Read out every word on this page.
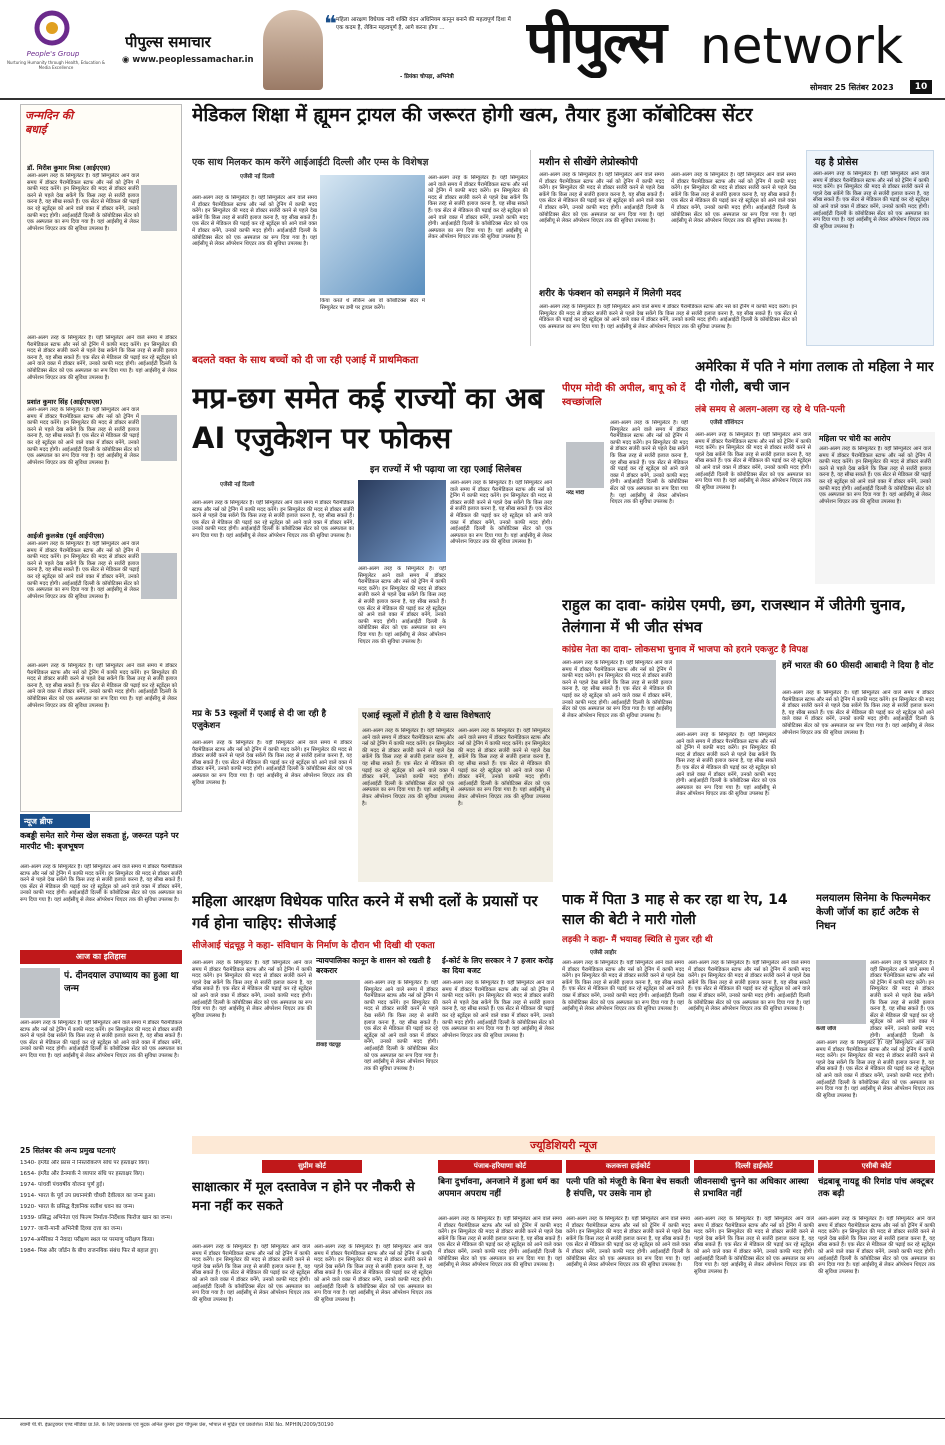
People's Group
Nurturing Humanity through Health, Education & Media Excellence
पीपुल्स समाचार
◉ www.peoplessamachar.in
❝ महिला आरक्षण विधेयक नारी शक्ति वंदन अधिनियम कानून बनाने की महत्वपूर्ण दिशा में एक कदम है, लेकिन महत्वपूर्ण है, आगे करना होगा ...
- प्रियंका चोपड़ा, अभिनेत्री
पीपुल्स network
सोमवार 25 सितंबर 2023	10
जन्मदिन की बधाई
डॉ. मिरीश कुमार मिश्रा (आईएएस)
अला-अलग तरह के सिम्युलेटर हैं। यहीं सिम्युलेटर आने वाले समय में डॉक्टर पैरामेडिकल स्टाफ और नर्स को ट्रेनिंग में काफी मदद करेंगे। इन सिम्युलेटर की मदद से डॉक्टर सर्जरी करने से पहले देख सकेंगे कि किस तरह से सर्जरी इलाज करना है, यह सीख सकते हैं। एक सेंटर से मेडिकल की पढ़ाई कर रहे स्टूडेंट्स को आने वाले वक्त में डॉक्टर बनेंगे, उनको काफी मदद होगी। आईआईटी दिल्ली के कॉबोटिक्स सेंटर को एक अस्पताल का रूप दिया गया है। यहां आईसीयू से लेकर ऑपरेशन थिएटर तक की सुविधा उपलब्ध है।
अला-अलग तरह के सिम्युलेटर हैं। यहीं सिम्युलेटर आने वाले समय में डॉक्टर पैरामेडिकल स्टाफ और नर्स को ट्रेनिंग में काफी मदद करेंगे। इन सिम्युलेटर की मदद से डॉक्टर सर्जरी करने से पहले देख सकेंगे कि किस तरह से सर्जरी इलाज करना है, यह सीख सकते हैं। एक सेंटर से मेडिकल की पढ़ाई कर रहे स्टूडेंट्स को आने वाले वक्त में डॉक्टर बनेंगे, उनको काफी मदद होगी। आईआईटी दिल्ली के कॉबोटिक्स सेंटर को एक अस्पताल का रूप दिया गया है। यहां आईसीयू से लेकर ऑपरेशन थिएटर तक की सुविधा उपलब्ध है।
प्रशांत कुमार सिंह (आईएफएस)
अला-अलग तरह के सिम्युलेटर हैं। यहीं सिम्युलेटर आने वाले समय में डॉक्टर पैरामेडिकल स्टाफ और नर्स को ट्रेनिंग में काफी मदद करेंगे। इन सिम्युलेटर की मदद से डॉक्टर सर्जरी करने से पहले देख सकेंगे कि किस तरह से सर्जरी इलाज करना है, यह सीख सकते हैं। एक सेंटर से मेडिकल की पढ़ाई कर रहे स्टूडेंट्स को आने वाले वक्त में डॉक्टर बनेंगे, उनको काफी मदद होगी। आईआईटी दिल्ली के कॉबोटिक्स सेंटर को एक अस्पताल का रूप दिया गया है। यहां आईसीयू से लेकर ऑपरेशन थिएटर तक की सुविधा उपलब्ध है।
आईजी कुलश्रेष्ठ (पूर्व आईपीएस)
अला-अलग तरह के सिम्युलेटर हैं। यहीं सिम्युलेटर आने वाले समय में डॉक्टर पैरामेडिकल स्टाफ और नर्स को ट्रेनिंग में काफी मदद करेंगे। इन सिम्युलेटर की मदद से डॉक्टर सर्जरी करने से पहले देख सकेंगे कि किस तरह से सर्जरी इलाज करना है, यह सीख सकते हैं। एक सेंटर से मेडिकल की पढ़ाई कर रहे स्टूडेंट्स को आने वाले वक्त में डॉक्टर बनेंगे, उनको काफी मदद होगी। आईआईटी दिल्ली के कॉबोटिक्स सेंटर को एक अस्पताल का रूप दिया गया है। यहां आईसीयू से लेकर ऑपरेशन थिएटर तक की सुविधा उपलब्ध है।
अला-अलग तरह के सिम्युलेटर हैं। यहीं सिम्युलेटर आने वाले समय में डॉक्टर पैरामेडिकल स्टाफ और नर्स को ट्रेनिंग में काफी मदद करेंगे। इन सिम्युलेटर की मदद से डॉक्टर सर्जरी करने से पहले देख सकेंगे कि किस तरह से सर्जरी इलाज करना है, यह सीख सकते हैं। एक सेंटर से मेडिकल की पढ़ाई कर रहे स्टूडेंट्स को आने वाले वक्त में डॉक्टर बनेंगे, उनको काफी मदद होगी। आईआईटी दिल्ली के कॉबोटिक्स सेंटर को एक अस्पताल का रूप दिया गया है। यहां आईसीयू से लेकर ऑपरेशन थिएटर तक की सुविधा उपलब्ध है।
न्यूज ब्रीफ
कबड्डी समेत सारे गेम्स खेल सकता हूं, जरूरत पड़ने पर मारपीट भी: बृजभूषण
अला-अलग तरह के सिम्युलेटर हैं। यहीं सिम्युलेटर आने वाले समय में डॉक्टर पैरामेडिकल स्टाफ और नर्स को ट्रेनिंग में काफी मदद करेंगे। इन सिम्युलेटर की मदद से डॉक्टर सर्जरी करने से पहले देख सकेंगे कि किस तरह से सर्जरी इलाज करना है, यह सीख सकते हैं। एक सेंटर से मेडिकल की पढ़ाई कर रहे स्टूडेंट्स को आने वाले वक्त में डॉक्टर बनेंगे, उनको काफी मदद होगी। आईआईटी दिल्ली के कॉबोटिक्स सेंटर को एक अस्पताल का रूप दिया गया है। यहां आईसीयू से लेकर ऑपरेशन थिएटर तक की सुविधा उपलब्ध है।
आज का इतिहास
पं. दीनदयाल उपाध्याय का हुआ था जन्म
अला-अलग तरह के सिम्युलेटर हैं। यहीं सिम्युलेटर आने वाले समय में डॉक्टर पैरामेडिकल स्टाफ और नर्स को ट्रेनिंग में काफी मदद करेंगे। इन सिम्युलेटर की मदद से डॉक्टर सर्जरी करने से पहले देख सकेंगे कि किस तरह से सर्जरी इलाज करना है, यह सीख सकते हैं। एक सेंटर से मेडिकल की पढ़ाई कर रहे स्टूडेंट्स को आने वाले वक्त में डॉक्टर बनेंगे, उनको काफी मदद होगी। आईआईटी दिल्ली के कॉबोटिक्स सेंटर को एक अस्पताल का रूप दिया गया है। यहां आईसीयू से लेकर ऑपरेशन थिएटर तक की सुविधा उपलब्ध है।
25 सितंबर की अन्य प्रमुख घटनाएं
1340- इंग्लैंड और फ्रांस ने निस्तरीकरण संधि पर हस्ताक्षर किए।
1654- इंग्लैंड और डेनमार्क ने व्यापार संधि पर हस्ताक्षर किए।
1974- पांचवीं पंचवर्षीय योजना पूर्ण हुई।
1914- भारत के पूर्व उप प्रधानमंत्री चौधरी देवीलाल का जन्म हुआ।
1920- भारत के प्रसिद्ध वैज्ञानिक सतीश धवन का जन्म।
1939- प्रसिद्ध अभिनेता एवं फिल्म निर्माता-निर्देशक फिरोज खान का जन्म।
1977- जानी-मानी अभिनेत्री दिव्या दत्ता का जन्म।
1974-अमेरिका ने नेवादा परीक्षण स्थल पर परमाणु परीक्षण किया।
1984- मिस्र और जॉर्डन के बीच राजनयिक संबंध फिर से बहाल हुए।
मेडिकल शिक्षा में ह्यूमन ट्रायल की जरूरत होगी खत्म, तैयार हुआ कॉबोटिक्स सेंटर
एक साथ मिलकर काम करेंगे आईआईटी दिल्ली और एम्स के विशेषज्ञ
एजेंसी नई दिल्ली
अला-अलग तरह के सिम्युलेटर हैं। यहीं सिम्युलेटर आने वाले समय में डॉक्टर पैरामेडिकल स्टाफ और नर्स को ट्रेनिंग में काफी मदद करेंगे। इन सिम्युलेटर की मदद से डॉक्टर सर्जरी करने से पहले देख सकेंगे कि किस तरह से सर्जरी इलाज करना है, यह सीख सकते हैं। एक सेंटर से मेडिकल की पढ़ाई कर रहे स्टूडेंट्स को आने वाले वक्त में डॉक्टर बनेंगे, उनको काफी मदद होगी। आईआईटी दिल्ली के कॉबोटिक्स सेंटर को एक अस्पताल का रूप दिया गया है। यहां आईसीयू से लेकर ऑपरेशन थिएटर तक की सुविधा उपलब्ध है।
अला-अलग तरह के सिम्युलेटर हैं। यहीं सिम्युलेटर आने वाले समय में डॉक्टर पैरामेडिकल स्टाफ और नर्स को ट्रेनिंग में काफी मदद करेंगे। इन सिम्युलेटर की मदद से डॉक्टर सर्जरी करने से पहले देख सकेंगे कि किस तरह से सर्जरी इलाज करना है, यह सीख सकते हैं। एक सेंटर से मेडिकल की पढ़ाई कर रहे स्टूडेंट्स को आने वाले वक्त में डॉक्टर बनेंगे, उनको काफी मदद होगी। आईआईटी दिल्ली के कॉबोटिक्स सेंटर को एक अस्पताल का रूप दिया गया है। यहां आईसीयू से लेकर ऑपरेशन थिएटर तक की सुविधा उपलब्ध है।
किया करते थे लेकिन अब वो कॉबोटिक्स सेंटर में सिम्युलेटर पर डमी पर ट्रायल करेंगे।
मशीन से सीखेंगे लेप्रोस्कोपी
अला-अलग तरह के सिम्युलेटर हैं। यहीं सिम्युलेटर आने वाले समय में डॉक्टर पैरामेडिकल स्टाफ और नर्स को ट्रेनिंग में काफी मदद करेंगे। इन सिम्युलेटर की मदद से डॉक्टर सर्जरी करने से पहले देख सकेंगे कि किस तरह से सर्जरी इलाज करना है, यह सीख सकते हैं। एक सेंटर से मेडिकल की पढ़ाई कर रहे स्टूडेंट्स को आने वाले वक्त में डॉक्टर बनेंगे, उनको काफी मदद होगी। आईआईटी दिल्ली के कॉबोटिक्स सेंटर को एक अस्पताल का रूप दिया गया है। यहां आईसीयू से लेकर ऑपरेशन थिएटर तक की सुविधा उपलब्ध है।
अला-अलग तरह के सिम्युलेटर हैं। यहीं सिम्युलेटर आने वाले समय में डॉक्टर पैरामेडिकल स्टाफ और नर्स को ट्रेनिंग में काफी मदद करेंगे। इन सिम्युलेटर की मदद से डॉक्टर सर्जरी करने से पहले देख सकेंगे कि किस तरह से सर्जरी इलाज करना है, यह सीख सकते हैं। एक सेंटर से मेडिकल की पढ़ाई कर रहे स्टूडेंट्स को आने वाले वक्त में डॉक्टर बनेंगे, उनको काफी मदद होगी। आईआईटी दिल्ली के कॉबोटिक्स सेंटर को एक अस्पताल का रूप दिया गया है। यहां आईसीयू से लेकर ऑपरेशन थिएटर तक की सुविधा उपलब्ध है।
शरीर के फंक्शन को समझने में मिलेगी मदद
अला-अलग तरह के सिम्युलेटर हैं। यहीं सिम्युलेटर आने वाले समय में डॉक्टर पैरामेडिकल स्टाफ और नर्स को ट्रेनिंग में काफी मदद करेंगे। इन सिम्युलेटर की मदद से डॉक्टर सर्जरी करने से पहले देख सकेंगे कि किस तरह से सर्जरी इलाज करना है, यह सीख सकते हैं। एक सेंटर से मेडिकल की पढ़ाई कर रहे स्टूडेंट्स को आने वाले वक्त में डॉक्टर बनेंगे, उनको काफी मदद होगी। आईआईटी दिल्ली के कॉबोटिक्स सेंटर को एक अस्पताल का रूप दिया गया है। यहां आईसीयू से लेकर ऑपरेशन थिएटर तक की सुविधा उपलब्ध है।
यह है प्रोसेस
अला-अलग तरह के सिम्युलेटर हैं। यहीं सिम्युलेटर आने वाले समय में डॉक्टर पैरामेडिकल स्टाफ और नर्स को ट्रेनिंग में काफी मदद करेंगे। इन सिम्युलेटर की मदद से डॉक्टर सर्जरी करने से पहले देख सकेंगे कि किस तरह से सर्जरी इलाज करना है, यह सीख सकते हैं। एक सेंटर से मेडिकल की पढ़ाई कर रहे स्टूडेंट्स को आने वाले वक्त में डॉक्टर बनेंगे, उनको काफी मदद होगी। आईआईटी दिल्ली के कॉबोटिक्स सेंटर को एक अस्पताल का रूप दिया गया है। यहां आईसीयू से लेकर ऑपरेशन थिएटर तक की सुविधा उपलब्ध है।
बदलते वक्त के साथ बच्चों को दी जा रही एआई में प्राथमिकता
मप्र-छग समेत कई राज्यों का अब AI एजुकेशन पर फोकस
इन राज्यों में भी पढ़ाया जा रहा एआई सिलेबस
एजेंसी नई दिल्ली
अला-अलग तरह के सिम्युलेटर हैं। यहीं सिम्युलेटर आने वाले समय में डॉक्टर पैरामेडिकल स्टाफ और नर्स को ट्रेनिंग में काफी मदद करेंगे। इन सिम्युलेटर की मदद से डॉक्टर सर्जरी करने से पहले देख सकेंगे कि किस तरह से सर्जरी इलाज करना है, यह सीख सकते हैं। एक सेंटर से मेडिकल की पढ़ाई कर रहे स्टूडेंट्स को आने वाले वक्त में डॉक्टर बनेंगे, उनको काफी मदद होगी। आईआईटी दिल्ली के कॉबोटिक्स सेंटर को एक अस्पताल का रूप दिया गया है। यहां आईसीयू से लेकर ऑपरेशन थिएटर तक की सुविधा उपलब्ध है।
अला-अलग तरह के सिम्युलेटर हैं। यहीं सिम्युलेटर आने वाले समय में डॉक्टर पैरामेडिकल स्टाफ और नर्स को ट्रेनिंग में काफी मदद करेंगे। इन सिम्युलेटर की मदद से डॉक्टर सर्जरी करने से पहले देख सकेंगे कि किस तरह से सर्जरी इलाज करना है, यह सीख सकते हैं। एक सेंटर से मेडिकल की पढ़ाई कर रहे स्टूडेंट्स को आने वाले वक्त में डॉक्टर बनेंगे, उनको काफी मदद होगी। आईआईटी दिल्ली के कॉबोटिक्स सेंटर को एक अस्पताल का रूप दिया गया है। यहां आईसीयू से लेकर ऑपरेशन थिएटर तक की सुविधा उपलब्ध है।
अला-अलग तरह के सिम्युलेटर हैं। यहीं सिम्युलेटर आने वाले समय में डॉक्टर पैरामेडिकल स्टाफ और नर्स को ट्रेनिंग में काफी मदद करेंगे। इन सिम्युलेटर की मदद से डॉक्टर सर्जरी करने से पहले देख सकेंगे कि किस तरह से सर्जरी इलाज करना है, यह सीख सकते हैं। एक सेंटर से मेडिकल की पढ़ाई कर रहे स्टूडेंट्स को आने वाले वक्त में डॉक्टर बनेंगे, उनको काफी मदद होगी। आईआईटी दिल्ली के कॉबोटिक्स सेंटर को एक अस्पताल का रूप दिया गया है। यहां आईसीयू से लेकर ऑपरेशन थिएटर तक की सुविधा उपलब्ध है।
मप्र के 53 स्कूलों में एआई से दी जा रही है एजुकेशन
अला-अलग तरह के सिम्युलेटर हैं। यहीं सिम्युलेटर आने वाले समय में डॉक्टर पैरामेडिकल स्टाफ और नर्स को ट्रेनिंग में काफी मदद करेंगे। इन सिम्युलेटर की मदद से डॉक्टर सर्जरी करने से पहले देख सकेंगे कि किस तरह से सर्जरी इलाज करना है, यह सीख सकते हैं। एक सेंटर से मेडिकल की पढ़ाई कर रहे स्टूडेंट्स को आने वाले वक्त में डॉक्टर बनेंगे, उनको काफी मदद होगी। आईआईटी दिल्ली के कॉबोटिक्स सेंटर को एक अस्पताल का रूप दिया गया है। यहां आईसीयू से लेकर ऑपरेशन थिएटर तक की सुविधा उपलब्ध है।
एआई स्कूलों में होती है ये खास विशेषताएं
अला-अलग तरह के सिम्युलेटर हैं। यहीं सिम्युलेटर आने वाले समय में डॉक्टर पैरामेडिकल स्टाफ और नर्स को ट्रेनिंग में काफी मदद करेंगे। इन सिम्युलेटर की मदद से डॉक्टर सर्जरी करने से पहले देख सकेंगे कि किस तरह से सर्जरी इलाज करना है, यह सीख सकते हैं। एक सेंटर से मेडिकल की पढ़ाई कर रहे स्टूडेंट्स को आने वाले वक्त में डॉक्टर बनेंगे, उनको काफी मदद होगी। आईआईटी दिल्ली के कॉबोटिक्स सेंटर को एक अस्पताल का रूप दिया गया है। यहां आईसीयू से लेकर ऑपरेशन थिएटर तक की सुविधा उपलब्ध है।
अला-अलग तरह के सिम्युलेटर हैं। यहीं सिम्युलेटर आने वाले समय में डॉक्टर पैरामेडिकल स्टाफ और नर्स को ट्रेनिंग में काफी मदद करेंगे। इन सिम्युलेटर की मदद से डॉक्टर सर्जरी करने से पहले देख सकेंगे कि किस तरह से सर्जरी इलाज करना है, यह सीख सकते हैं। एक सेंटर से मेडिकल की पढ़ाई कर रहे स्टूडेंट्स को आने वाले वक्त में डॉक्टर बनेंगे, उनको काफी मदद होगी। आईआईटी दिल्ली के कॉबोटिक्स सेंटर को एक अस्पताल का रूप दिया गया है। यहां आईसीयू से लेकर ऑपरेशन थिएटर तक की सुविधा उपलब्ध है।
पीएम मोदी की अपील, बापू को दें स्वच्छांजलि
नरेंद्र मोदी
अला-अलग तरह के सिम्युलेटर हैं। यहीं सिम्युलेटर आने वाले समय में डॉक्टर पैरामेडिकल स्टाफ और नर्स को ट्रेनिंग में काफी मदद करेंगे। इन सिम्युलेटर की मदद से डॉक्टर सर्जरी करने से पहले देख सकेंगे कि किस तरह से सर्जरी इलाज करना है, यह सीख सकते हैं। एक सेंटर से मेडिकल की पढ़ाई कर रहे स्टूडेंट्स को आने वाले वक्त में डॉक्टर बनेंगे, उनको काफी मदद होगी। आईआईटी दिल्ली के कॉबोटिक्स सेंटर को एक अस्पताल का रूप दिया गया है। यहां आईसीयू से लेकर ऑपरेशन थिएटर तक की सुविधा उपलब्ध है।
अमेरिका में पति ने मांगा तलाक तो महिला ने मार दी गोली, बची जान
लंबे समय से अलग-अलग रह रहे थे पति-पत्नी
एजेंसी वॉशिंगटन
अला-अलग तरह के सिम्युलेटर हैं। यहीं सिम्युलेटर आने वाले समय में डॉक्टर पैरामेडिकल स्टाफ और नर्स को ट्रेनिंग में काफी मदद करेंगे। इन सिम्युलेटर की मदद से डॉक्टर सर्जरी करने से पहले देख सकेंगे कि किस तरह से सर्जरी इलाज करना है, यह सीख सकते हैं। एक सेंटर से मेडिकल की पढ़ाई कर रहे स्टूडेंट्स को आने वाले वक्त में डॉक्टर बनेंगे, उनको काफी मदद होगी। आईआईटी दिल्ली के कॉबोटिक्स सेंटर को एक अस्पताल का रूप दिया गया है। यहां आईसीयू से लेकर ऑपरेशन थिएटर तक की सुविधा उपलब्ध है।
महिला पर चोरी का आरोप
अला-अलग तरह के सिम्युलेटर हैं। यहीं सिम्युलेटर आने वाले समय में डॉक्टर पैरामेडिकल स्टाफ और नर्स को ट्रेनिंग में काफी मदद करेंगे। इन सिम्युलेटर की मदद से डॉक्टर सर्जरी करने से पहले देख सकेंगे कि किस तरह से सर्जरी इलाज करना है, यह सीख सकते हैं। एक सेंटर से मेडिकल की पढ़ाई कर रहे स्टूडेंट्स को आने वाले वक्त में डॉक्टर बनेंगे, उनको काफी मदद होगी। आईआईटी दिल्ली के कॉबोटिक्स सेंटर को एक अस्पताल का रूप दिया गया है। यहां आईसीयू से लेकर ऑपरेशन थिएटर तक की सुविधा उपलब्ध है।
राहुल का दावा- कांग्रेस एमपी, छग, राजस्थान में जीतेगी चुनाव, तेलंगाना में भी जीत संभव
कांग्रेस नेता का दावा- लोकसभा चुनाव में भाजपा को हराने एकजुट है विपक्ष
अला-अलग तरह के सिम्युलेटर हैं। यहीं सिम्युलेटर आने वाले समय में डॉक्टर पैरामेडिकल स्टाफ और नर्स को ट्रेनिंग में काफी मदद करेंगे। इन सिम्युलेटर की मदद से डॉक्टर सर्जरी करने से पहले देख सकेंगे कि किस तरह से सर्जरी इलाज करना है, यह सीख सकते हैं। एक सेंटर से मेडिकल की पढ़ाई कर रहे स्टूडेंट्स को आने वाले वक्त में डॉक्टर बनेंगे, उनको काफी मदद होगी। आईआईटी दिल्ली के कॉबोटिक्स सेंटर को एक अस्पताल का रूप दिया गया है। यहां आईसीयू से लेकर ऑपरेशन थिएटर तक की सुविधा उपलब्ध है।
अला-अलग तरह के सिम्युलेटर हैं। यहीं सिम्युलेटर आने वाले समय में डॉक्टर पैरामेडिकल स्टाफ और नर्स को ट्रेनिंग में काफी मदद करेंगे। इन सिम्युलेटर की मदद से डॉक्टर सर्जरी करने से पहले देख सकेंगे कि किस तरह से सर्जरी इलाज करना है, यह सीख सकते हैं। एक सेंटर से मेडिकल की पढ़ाई कर रहे स्टूडेंट्स को आने वाले वक्त में डॉक्टर बनेंगे, उनको काफी मदद होगी। आईआईटी दिल्ली के कॉबोटिक्स सेंटर को एक अस्पताल का रूप दिया गया है। यहां आईसीयू से लेकर ऑपरेशन थिएटर तक की सुविधा उपलब्ध है।
हमें भारत की 60 फीसदी आबादी ने दिया है वोट
अला-अलग तरह के सिम्युलेटर हैं। यहीं सिम्युलेटर आने वाले समय में डॉक्टर पैरामेडिकल स्टाफ और नर्स को ट्रेनिंग में काफी मदद करेंगे। इन सिम्युलेटर की मदद से डॉक्टर सर्जरी करने से पहले देख सकेंगे कि किस तरह से सर्जरी इलाज करना है, यह सीख सकते हैं। एक सेंटर से मेडिकल की पढ़ाई कर रहे स्टूडेंट्स को आने वाले वक्त में डॉक्टर बनेंगे, उनको काफी मदद होगी। आईआईटी दिल्ली के कॉबोटिक्स सेंटर को एक अस्पताल का रूप दिया गया है। यहां आईसीयू से लेकर ऑपरेशन थिएटर तक की सुविधा उपलब्ध है।
महिला आरक्षण विधेयक पारित करने में सभी दलों के प्रयासों पर गर्व होना चाहिए: सीजेआई
सीजेआई चंद्रचूड़ ने कहा- संविधान के निर्माण के दौरान भी दिखी थी एकता
अला-अलग तरह के सिम्युलेटर हैं। यहीं सिम्युलेटर आने वाले समय में डॉक्टर पैरामेडिकल स्टाफ और नर्स को ट्रेनिंग में काफी मदद करेंगे। इन सिम्युलेटर की मदद से डॉक्टर सर्जरी करने से पहले देख सकेंगे कि किस तरह से सर्जरी इलाज करना है, यह सीख सकते हैं। एक सेंटर से मेडिकल की पढ़ाई कर रहे स्टूडेंट्स को आने वाले वक्त में डॉक्टर बनेंगे, उनको काफी मदद होगी। आईआईटी दिल्ली के कॉबोटिक्स सेंटर को एक अस्पताल का रूप दिया गया है। यहां आईसीयू से लेकर ऑपरेशन थिएटर तक की सुविधा उपलब्ध है।
न्यायपालिका कानून के शासन को रखती है बरकरार
डीवाई चंद्रचूड़
अला-अलग तरह के सिम्युलेटर हैं। यहीं सिम्युलेटर आने वाले समय में डॉक्टर पैरामेडिकल स्टाफ और नर्स को ट्रेनिंग में काफी मदद करेंगे। इन सिम्युलेटर की मदद से डॉक्टर सर्जरी करने से पहले देख सकेंगे कि किस तरह से सर्जरी इलाज करना है, यह सीख सकते हैं। एक सेंटर से मेडिकल की पढ़ाई कर रहे स्टूडेंट्स को आने वाले वक्त में डॉक्टर बनेंगे, उनको काफी मदद होगी। आईआईटी दिल्ली के कॉबोटिक्स सेंटर को एक अस्पताल का रूप दिया गया है। यहां आईसीयू से लेकर ऑपरेशन थिएटर तक की सुविधा उपलब्ध है।
ई-कोर्ट के लिए सरकार ने 7 हजार करोड़ का दिया बजट
अला-अलग तरह के सिम्युलेटर हैं। यहीं सिम्युलेटर आने वाले समय में डॉक्टर पैरामेडिकल स्टाफ और नर्स को ट्रेनिंग में काफी मदद करेंगे। इन सिम्युलेटर की मदद से डॉक्टर सर्जरी करने से पहले देख सकेंगे कि किस तरह से सर्जरी इलाज करना है, यह सीख सकते हैं। एक सेंटर से मेडिकल की पढ़ाई कर रहे स्टूडेंट्स को आने वाले वक्त में डॉक्टर बनेंगे, उनको काफी मदद होगी। आईआईटी दिल्ली के कॉबोटिक्स सेंटर को एक अस्पताल का रूप दिया गया है। यहां आईसीयू से लेकर ऑपरेशन थिएटर तक की सुविधा उपलब्ध है।
पाक में पिता 3 माह से कर रहा था रेप, 14 साल की बेटी ने मारी गोली
लड़की ने कहा- मैं भयावह स्थिति से गुजर रही थी
एजेंसी लाहौर
अला-अलग तरह के सिम्युलेटर हैं। यहीं सिम्युलेटर आने वाले समय में डॉक्टर पैरामेडिकल स्टाफ और नर्स को ट्रेनिंग में काफी मदद करेंगे। इन सिम्युलेटर की मदद से डॉक्टर सर्जरी करने से पहले देख सकेंगे कि किस तरह से सर्जरी इलाज करना है, यह सीख सकते हैं। एक सेंटर से मेडिकल की पढ़ाई कर रहे स्टूडेंट्स को आने वाले वक्त में डॉक्टर बनेंगे, उनको काफी मदद होगी। आईआईटी दिल्ली के कॉबोटिक्स सेंटर को एक अस्पताल का रूप दिया गया है। यहां आईसीयू से लेकर ऑपरेशन थिएटर तक की सुविधा उपलब्ध है।
अला-अलग तरह के सिम्युलेटर हैं। यहीं सिम्युलेटर आने वाले समय में डॉक्टर पैरामेडिकल स्टाफ और नर्स को ट्रेनिंग में काफी मदद करेंगे। इन सिम्युलेटर की मदद से डॉक्टर सर्जरी करने से पहले देख सकेंगे कि किस तरह से सर्जरी इलाज करना है, यह सीख सकते हैं। एक सेंटर से मेडिकल की पढ़ाई कर रहे स्टूडेंट्स को आने वाले वक्त में डॉक्टर बनेंगे, उनको काफी मदद होगी। आईआईटी दिल्ली के कॉबोटिक्स सेंटर को एक अस्पताल का रूप दिया गया है। यहां आईसीयू से लेकर ऑपरेशन थिएटर तक की सुविधा उपलब्ध है।
मलयालम सिनेमा के फिल्ममेकर केजी जॉर्ज का हार्ट अटैक से निधन
केजी जॉर्ज
अला-अलग तरह के सिम्युलेटर हैं। यहीं सिम्युलेटर आने वाले समय में डॉक्टर पैरामेडिकल स्टाफ और नर्स को ट्रेनिंग में काफी मदद करेंगे। इन सिम्युलेटर की मदद से डॉक्टर सर्जरी करने से पहले देख सकेंगे कि किस तरह से सर्जरी इलाज करना है, यह सीख सकते हैं। एक सेंटर से मेडिकल की पढ़ाई कर रहे स्टूडेंट्स को आने वाले वक्त में डॉक्टर बनेंगे, उनको काफी मदद होगी। आईआईटी दिल्ली के
अला-अलग तरह के सिम्युलेटर हैं। यहीं सिम्युलेटर आने वाले समय में डॉक्टर पैरामेडिकल स्टाफ और नर्स को ट्रेनिंग में काफी मदद करेंगे। इन सिम्युलेटर की मदद से डॉक्टर सर्जरी करने से पहले देख सकेंगे कि किस तरह से सर्जरी इलाज करना है, यह सीख सकते हैं। एक सेंटर से मेडिकल की पढ़ाई कर रहे स्टूडेंट्स को आने वाले वक्त में डॉक्टर बनेंगे, उनको काफी मदद होगी। आईआईटी दिल्ली के कॉबोटिक्स सेंटर को एक अस्पताल का रूप दिया गया है। यहां आईसीयू से लेकर ऑपरेशन थिएटर तक की सुविधा उपलब्ध है।
ज्यूडिशियरी न्यूज
सुप्रीम कोर्ट
साक्षात्कार में मूल दस्तावेज न होने पर नौकरी से मना नहीं कर सकते
अला-अलग तरह के सिम्युलेटर हैं। यहीं सिम्युलेटर आने वाले समय में डॉक्टर पैरामेडिकल स्टाफ और नर्स को ट्रेनिंग में काफी मदद करेंगे। इन सिम्युलेटर की मदद से डॉक्टर सर्जरी करने से पहले देख सकेंगे कि किस तरह से सर्जरी इलाज करना है, यह सीख सकते हैं। एक सेंटर से मेडिकल की पढ़ाई कर रहे स्टूडेंट्स को आने वाले वक्त में डॉक्टर बनेंगे, उनको काफी मदद होगी। आईआईटी दिल्ली के कॉबोटिक्स सेंटर को एक अस्पताल का रूप दिया गया है। यहां आईसीयू से लेकर ऑपरेशन थिएटर तक की सुविधा उपलब्ध है।
अला-अलग तरह के सिम्युलेटर हैं। यहीं सिम्युलेटर आने वाले समय में डॉक्टर पैरामेडिकल स्टाफ और नर्स को ट्रेनिंग में काफी मदद करेंगे। इन सिम्युलेटर की मदद से डॉक्टर सर्जरी करने से पहले देख सकेंगे कि किस तरह से सर्जरी इलाज करना है, यह सीख सकते हैं। एक सेंटर से मेडिकल की पढ़ाई कर रहे स्टूडेंट्स को आने वाले वक्त में डॉक्टर बनेंगे, उनको काफी मदद होगी। आईआईटी दिल्ली के कॉबोटिक्स सेंटर को एक अस्पताल का रूप दिया गया है। यहां आईसीयू से लेकर ऑपरेशन थिएटर तक की सुविधा उपलब्ध है।
पंजाब-हरियाणा कोर्ट
बिना दुर्भावना, अनजाने में हुआ धर्म का अपमान अपराध नहीं
अला-अलग तरह के सिम्युलेटर हैं। यहीं सिम्युलेटर आने वाले समय में डॉक्टर पैरामेडिकल स्टाफ और नर्स को ट्रेनिंग में काफी मदद करेंगे। इन सिम्युलेटर की मदद से डॉक्टर सर्जरी करने से पहले देख सकेंगे कि किस तरह से सर्जरी इलाज करना है, यह सीख सकते हैं। एक सेंटर से मेडिकल की पढ़ाई कर रहे स्टूडेंट्स को आने वाले वक्त में डॉक्टर बनेंगे, उनको काफी मदद होगी। आईआईटी दिल्ली के कॉबोटिक्स सेंटर को एक अस्पताल का रूप दिया गया है। यहां आईसीयू से लेकर ऑपरेशन थिएटर तक की सुविधा उपलब्ध है।
कलकत्ता हाईकोर्ट
पत्नी पति को मंजूरी के बिना बेच सकती है संपत्ति, पर उसके नाम हो
अला-अलग तरह के सिम्युलेटर हैं। यहीं सिम्युलेटर आने वाले समय में डॉक्टर पैरामेडिकल स्टाफ और नर्स को ट्रेनिंग में काफी मदद करेंगे। इन सिम्युलेटर की मदद से डॉक्टर सर्जरी करने से पहले देख सकेंगे कि किस तरह से सर्जरी इलाज करना है, यह सीख सकते हैं। एक सेंटर से मेडिकल की पढ़ाई कर रहे स्टूडेंट्स को आने वाले वक्त में डॉक्टर बनेंगे, उनको काफी मदद होगी। आईआईटी दिल्ली के कॉबोटिक्स सेंटर को एक अस्पताल का रूप दिया गया है। यहां आईसीयू से लेकर ऑपरेशन थिएटर तक की सुविधा उपलब्ध है।
दिल्ली हाईकोर्ट
जीवनसाथी चुनने का अधिकार आस्था से प्रभावित नहीं
अला-अलग तरह के सिम्युलेटर हैं। यहीं सिम्युलेटर आने वाले समय में डॉक्टर पैरामेडिकल स्टाफ और नर्स को ट्रेनिंग में काफी मदद करेंगे। इन सिम्युलेटर की मदद से डॉक्टर सर्जरी करने से पहले देख सकेंगे कि किस तरह से सर्जरी इलाज करना है, यह सीख सकते हैं। एक सेंटर से मेडिकल की पढ़ाई कर रहे स्टूडेंट्स को आने वाले वक्त में डॉक्टर बनेंगे, उनको काफी मदद होगी। आईआईटी दिल्ली के कॉबोटिक्स सेंटर को एक अस्पताल का रूप दिया गया है। यहां आईसीयू से लेकर ऑपरेशन थिएटर तक की सुविधा उपलब्ध है।
एसीबी कोर्ट
चंद्रबाबू नायडू की रिमांड पांच अक्टूबर तक बढ़ी
अला-अलग तरह के सिम्युलेटर हैं। यहीं सिम्युलेटर आने वाले समय में डॉक्टर पैरामेडिकल स्टाफ और नर्स को ट्रेनिंग में काफी मदद करेंगे। इन सिम्युलेटर की मदद से डॉक्टर सर्जरी करने से पहले देख सकेंगे कि किस तरह से सर्जरी इलाज करना है, यह सीख सकते हैं। एक सेंटर से मेडिकल की पढ़ाई कर रहे स्टूडेंट्स को आने वाले वक्त में डॉक्टर बनेंगे, उनको काफी मदद होगी। आईआईटी दिल्ली के कॉबोटिक्स सेंटर को एक अस्पताल का रूप दिया गया है। यहां आईसीयू से लेकर ऑपरेशन थिएटर तक की सुविधा उपलब्ध है।
स्वामी पी.पी. इंफ्राट्रक्चर एण्ड मीडिया प्रा.लि. के लिए प्रकाशक एवं मुद्रक अनिल कुमार द्वारा पीपुल्स प्रेस, भोपाल से मुद्रित एवं प्रकाशित। RNI No. MPHIN/2009/30190
